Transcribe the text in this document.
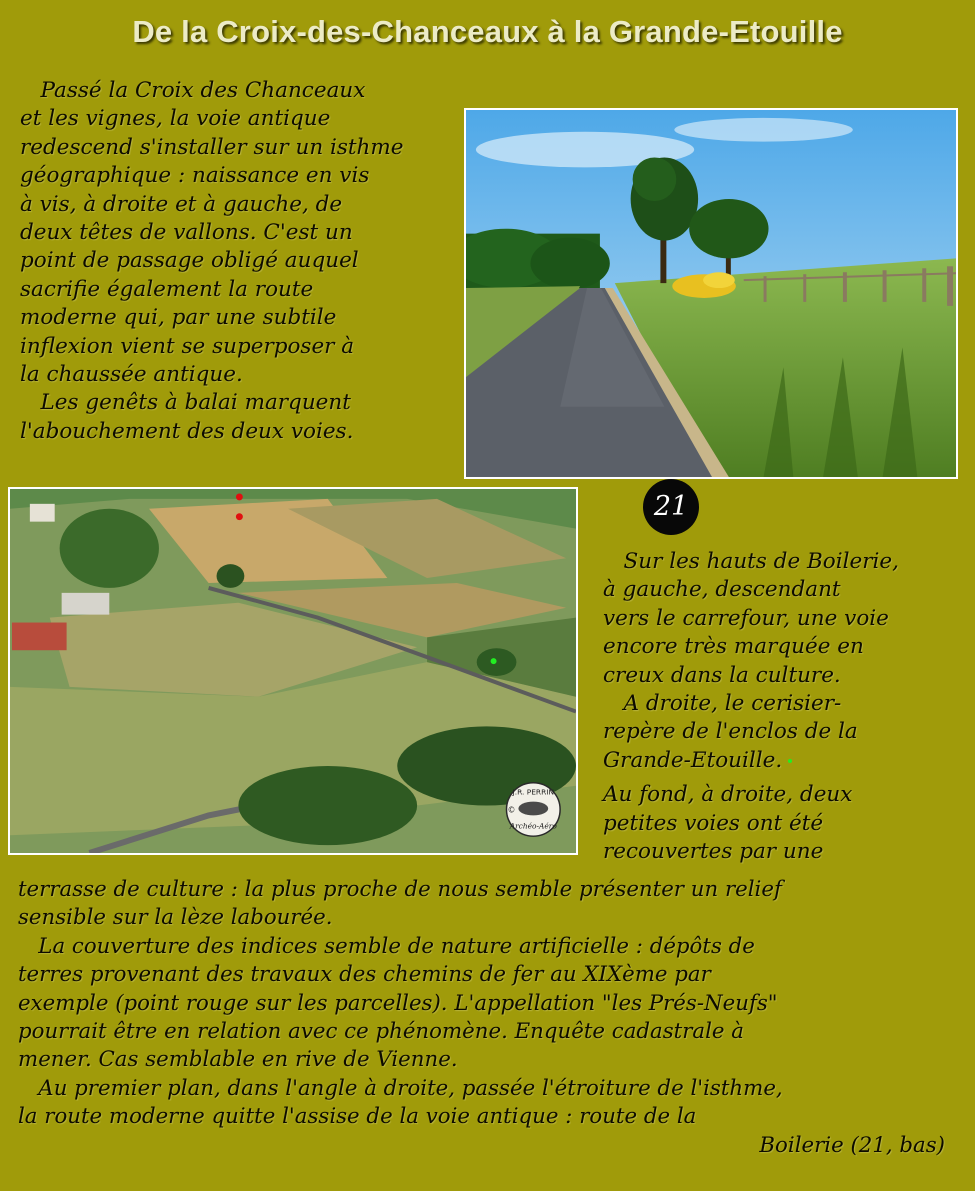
De la Croix-des-Chanceaux à la Grande-Etouille

Passé la Croix des Chanceaux

et les vignes, la voie antique

redescend s'installer sur un isthme

géographique : naissance en vis

à vis, à droite et à gauche, de

deux têtes de vallons. C'est un

point de passage obligé auquel

sacrifie également la route

moderne qui, par une subtile

inflexion vient se superposer à

la chaussée antique.

Les genêts à balai marquent

l'abouchement des deux voies.

J.R. PERRIN
©
Archéo-Aéro
21

Sur les hauts de Boilerie,

à gauche, descendant

vers le carrefour, une voie

encore très marquée en

creux dans la culture.

A droite, le cerisier-

repère de l'enclos de la

Grande-Etouille.

Au fond, à droite, deux

petites voies ont été

recouvertes par une

terrasse de culture : la plus proche de nous semble présenter un relief

sensible sur la lèze labourée.

La couverture des indices semble de nature artificielle : dépôts de

terres provenant des travaux des chemins de fer au XIXème par

exemple (point rouge sur les parcelles). L'appellation "les Prés-Neufs"

pourrait être en relation avec ce phénomène. Enquête cadastrale à

mener. Cas semblable en rive de Vienne.

Au premier plan, dans l'angle à droite, passée l'étroiture de l'isthme,

la route moderne quitte l'assise de la voie antique : route de la

Boilerie (21, bas)
